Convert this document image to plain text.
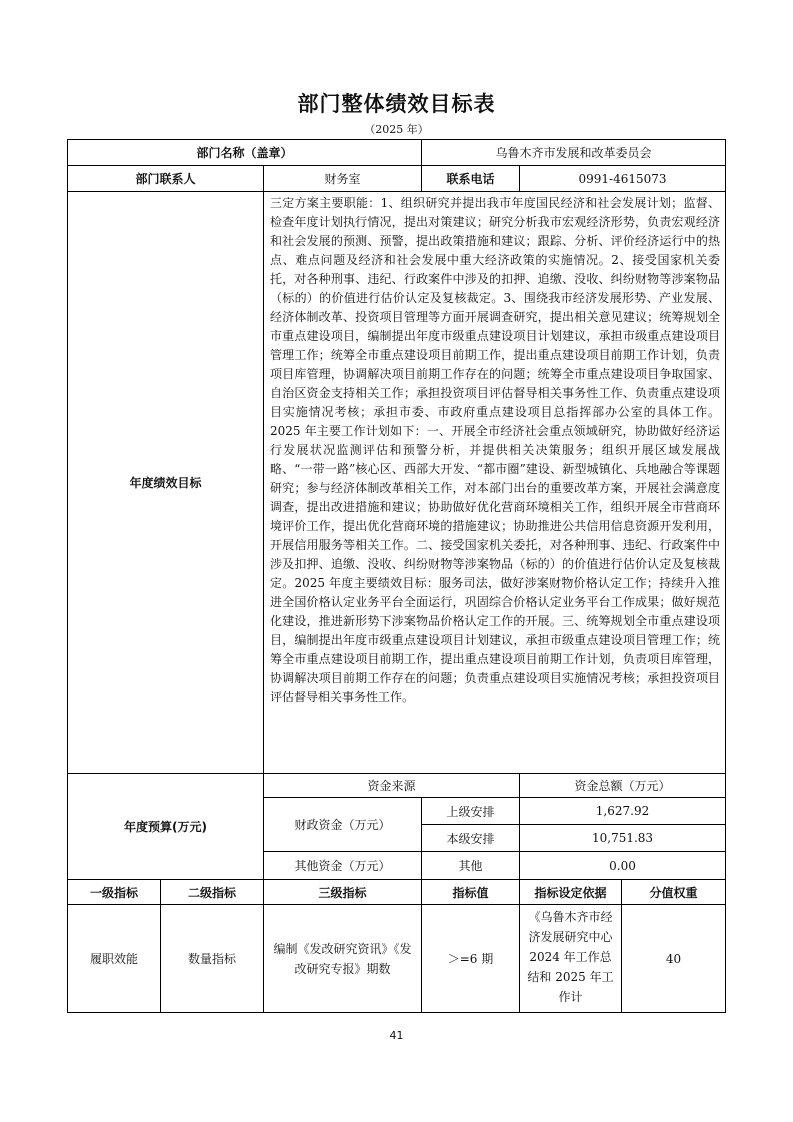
部门整体绩效目标表
（2025 年）
部门名称（盖章）			乌鲁木齐市发展和改革委员会		
部门联系人		财务室	联系电话	0991-4615073	
年度绩效目标		三定方案主要职能：1、组织研究并提出我市年度国民经济和社会发展计划；监督、检查年度计划执行情况，提出对策建议；研究分析我市宏观经济形势，负责宏观经济和社会发展的预测、预警，提出政策措施和建议；跟踪、分析、评价经济运行中的热点、难点问题及经济和社会发展中重大经济政策的实施情况。2、接受国家机关委托，对各种刑事、违纪、行政案件中涉及的扣押、追缴、没收、纠纷财物等涉案物品（标的）的价值进行估价认定及复核裁定。3、围绕我市经济发展形势、产业发展、经济体制改革、投资项目管理等方面开展调查研究，提出相关意见建议；统筹规划全市重点建设项目，编制提出年度市级重点建设项目计划建议，承担市级重点建设项目管理工作；统筹全市重点建设项目前期工作，提出重点建设项目前期工作计划，负责项目库管理，协调解决项目前期工作存在的问题；统筹全市重点建设项目争取国家、自治区资金支持相关工作；承担投资项目评估督导相关事务性工作、负责重点建设项目实施情况考核；承担市委、市政府重点建设项目总指挥部办公室的具体工作。2025 年主要工作计划如下：一、开展全市经济社会重点领域研究，协助做好经济运行发展状况监测评估和预警分析，并提供相关决策服务；组织开展区域发展战略、“一带一路”核心区、西部大开发、“都市圈”建设、新型城镇化、兵地融合等课题研究；参与经济体制改革相关工作，对本部门出台的重要改革方案，开展社会满意度调查，提出改进措施和建议；协助做好优化营商环境相关工作，组织开展全市营商环境评价工作，提出优化营商环境的措施建议；协助推进公共信用信息资源开发利用，开展信用服务等相关工作。二、接受国家机关委托，对各种刑事、违纪、行政案件中涉及扣押、追缴、没收、纠纷财物等涉案物品（标的）的价值进行估价认定及复核裁定。2025 年度主要绩效目标：服务司法，做好涉案财物价格认定工作；持续升入推进全国价格认定业务平台全面运行，巩固综合价格认定业务平台工作成果；做好规范化建设，推进新形势下涉案物品价格认定工作的开展。三、统筹规划全市重点建设项目，编制提出年度市级重点建设项目计划建议，承担市级重点建设项目管理工作；统筹全市重点建设项目前期工作，提出重点建设项目前期工作计划，负责项目库管理，协调解决项目前期工作存在的问题；负责重点建设项目实施情况考核；承担投资项目评估督导相关事务性工作。			
年度预算(万元)		资金来源		资金总额（万元）	
		财政资金（万元）	上级安排	1,627.92	
			本级安排	10,751.83	
		其他资金（万元）	其他	0.00	
一级指标	二级指标	三级指标	指标值	指标设定依据	分值权重
履职效能	数量指标	编制《发改研究资讯》《发改研究专报》期数	＞=6 期	《乌鲁木齐市经济发展研究中心 2024 年工作总结和 2025 年工作计	40
41
